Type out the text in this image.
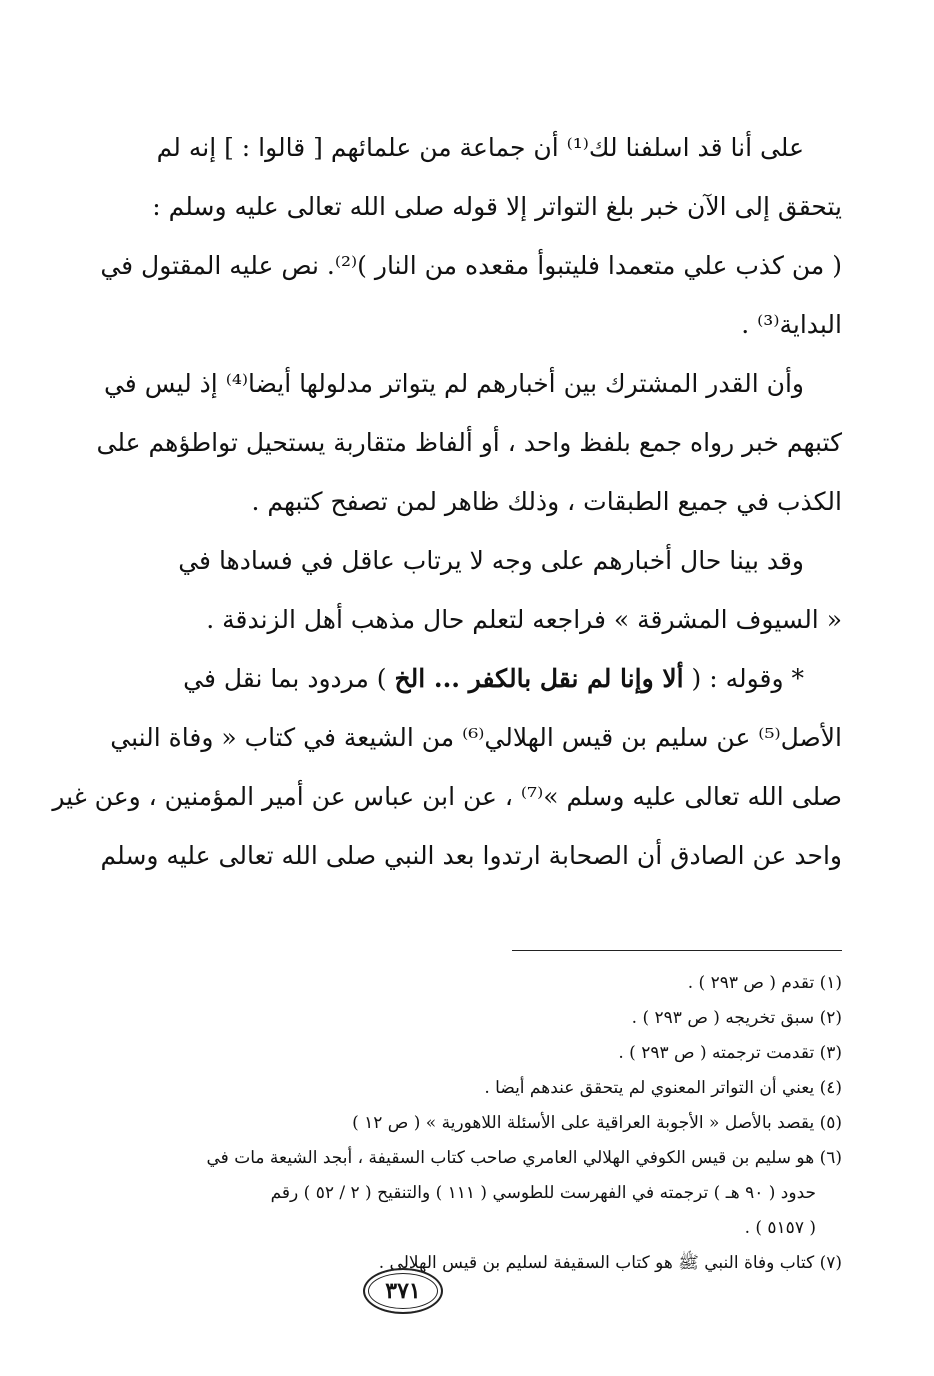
على أنا قد اسلفنا لك⁽¹⁾ أن جماعة من علمائهم [ قالوا : ] إنه لم
يتحقق إلى الآن خبر بلغ التواتر إلا قوله صلى الله تعالى عليه وسلم :
( من كذب علي متعمدا فليتبوأ مقعده من النار )⁽²⁾. نص عليه المقتول في
البداية⁽³⁾ .

وأن القدر المشترك بين أخبارهم لم يتواتر مدلولها أيضا⁽⁴⁾ إذ ليس في
كتبهم خبر رواه جمع بلفظ واحد ، أو ألفاظ متقاربة يستحيل تواطؤهم على
الكذب في جميع الطبقات ، وذلك ظاهر لمن تصفح كتبهم .

وقد بينا حال أخبارهم على وجه لا يرتاب عاقل في فسادها في
« السيوف المشرقة » فراجعه لتعلم حال مذهب أهل الزندقة .

* وقوله : ( ألا وإنا لم نقل بالكفر ... الخ ) مردود بما نقل في
الأصل⁽⁵⁾ عن سليم بن قيس الهلالي⁽⁶⁾ من الشيعة في كتاب « وفاة النبي
صلى الله تعالى عليه وسلم »⁽⁷⁾ ، عن ابن عباس عن أمير المؤمنين ، وعن غير
واحد عن الصادق أن الصحابة ارتدوا بعد النبي صلى الله تعالى عليه وسلم

(١) تقدم ( ص ٢٩٣ ) .
(٢) سبق تخريجه ( ص ٢٩٣ ) .
(٣) تقدمت ترجمته ( ص ٢٩٣ ) .
(٤) يعني أن التواتر المعنوي لم يتحقق عندهم أيضا .
(٥) يقصد بالأصل « الأجوبة العراقية على الأسئلة اللاهورية » ( ص ١٢ )
(٦) هو سليم بن قيس الكوفي الهلالي العامري صاحب كتاب السقيفة ، أبجد الشيعة مات في
حدود ( ٩٠ هـ ) ترجمته في الفهرست للطوسي ( ١١١ ) والتنقيح ( ٢ / ٥٢ ) رقم
( ٥١٥٧ ) .
(٧) كتاب وفاة النبي ﷺ هو كتاب السقيفة لسليم بن قيس الهلالي .
٣٧١
